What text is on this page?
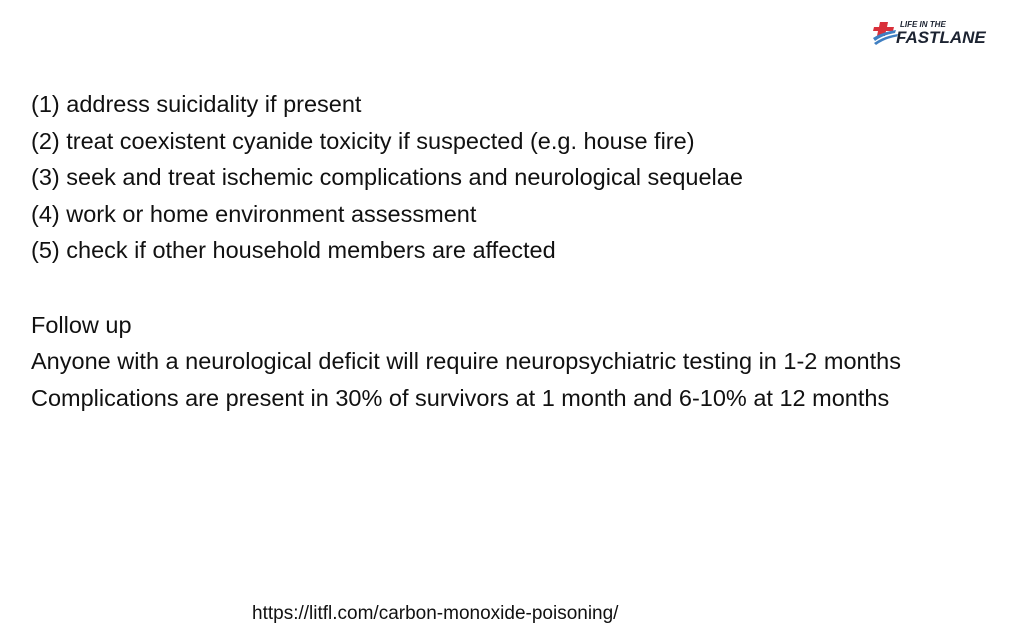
LIFE IN THE
FASTLANE
(1) address suicidality if present
(2) treat coexistent cyanide toxicity if suspected (e.g. house fire)
(3) seek and treat ischemic complications and neurological sequelae
(4) work or home environment assessment
(5) check if other household members are affected
Follow up
Anyone with a neurological deficit will require neuropsychiatric testing in 1-2 months
Complications are present in 30% of survivors at 1 month and 6-10% at 12 months
https://litfl.com/carbon-monoxide-poisoning/
